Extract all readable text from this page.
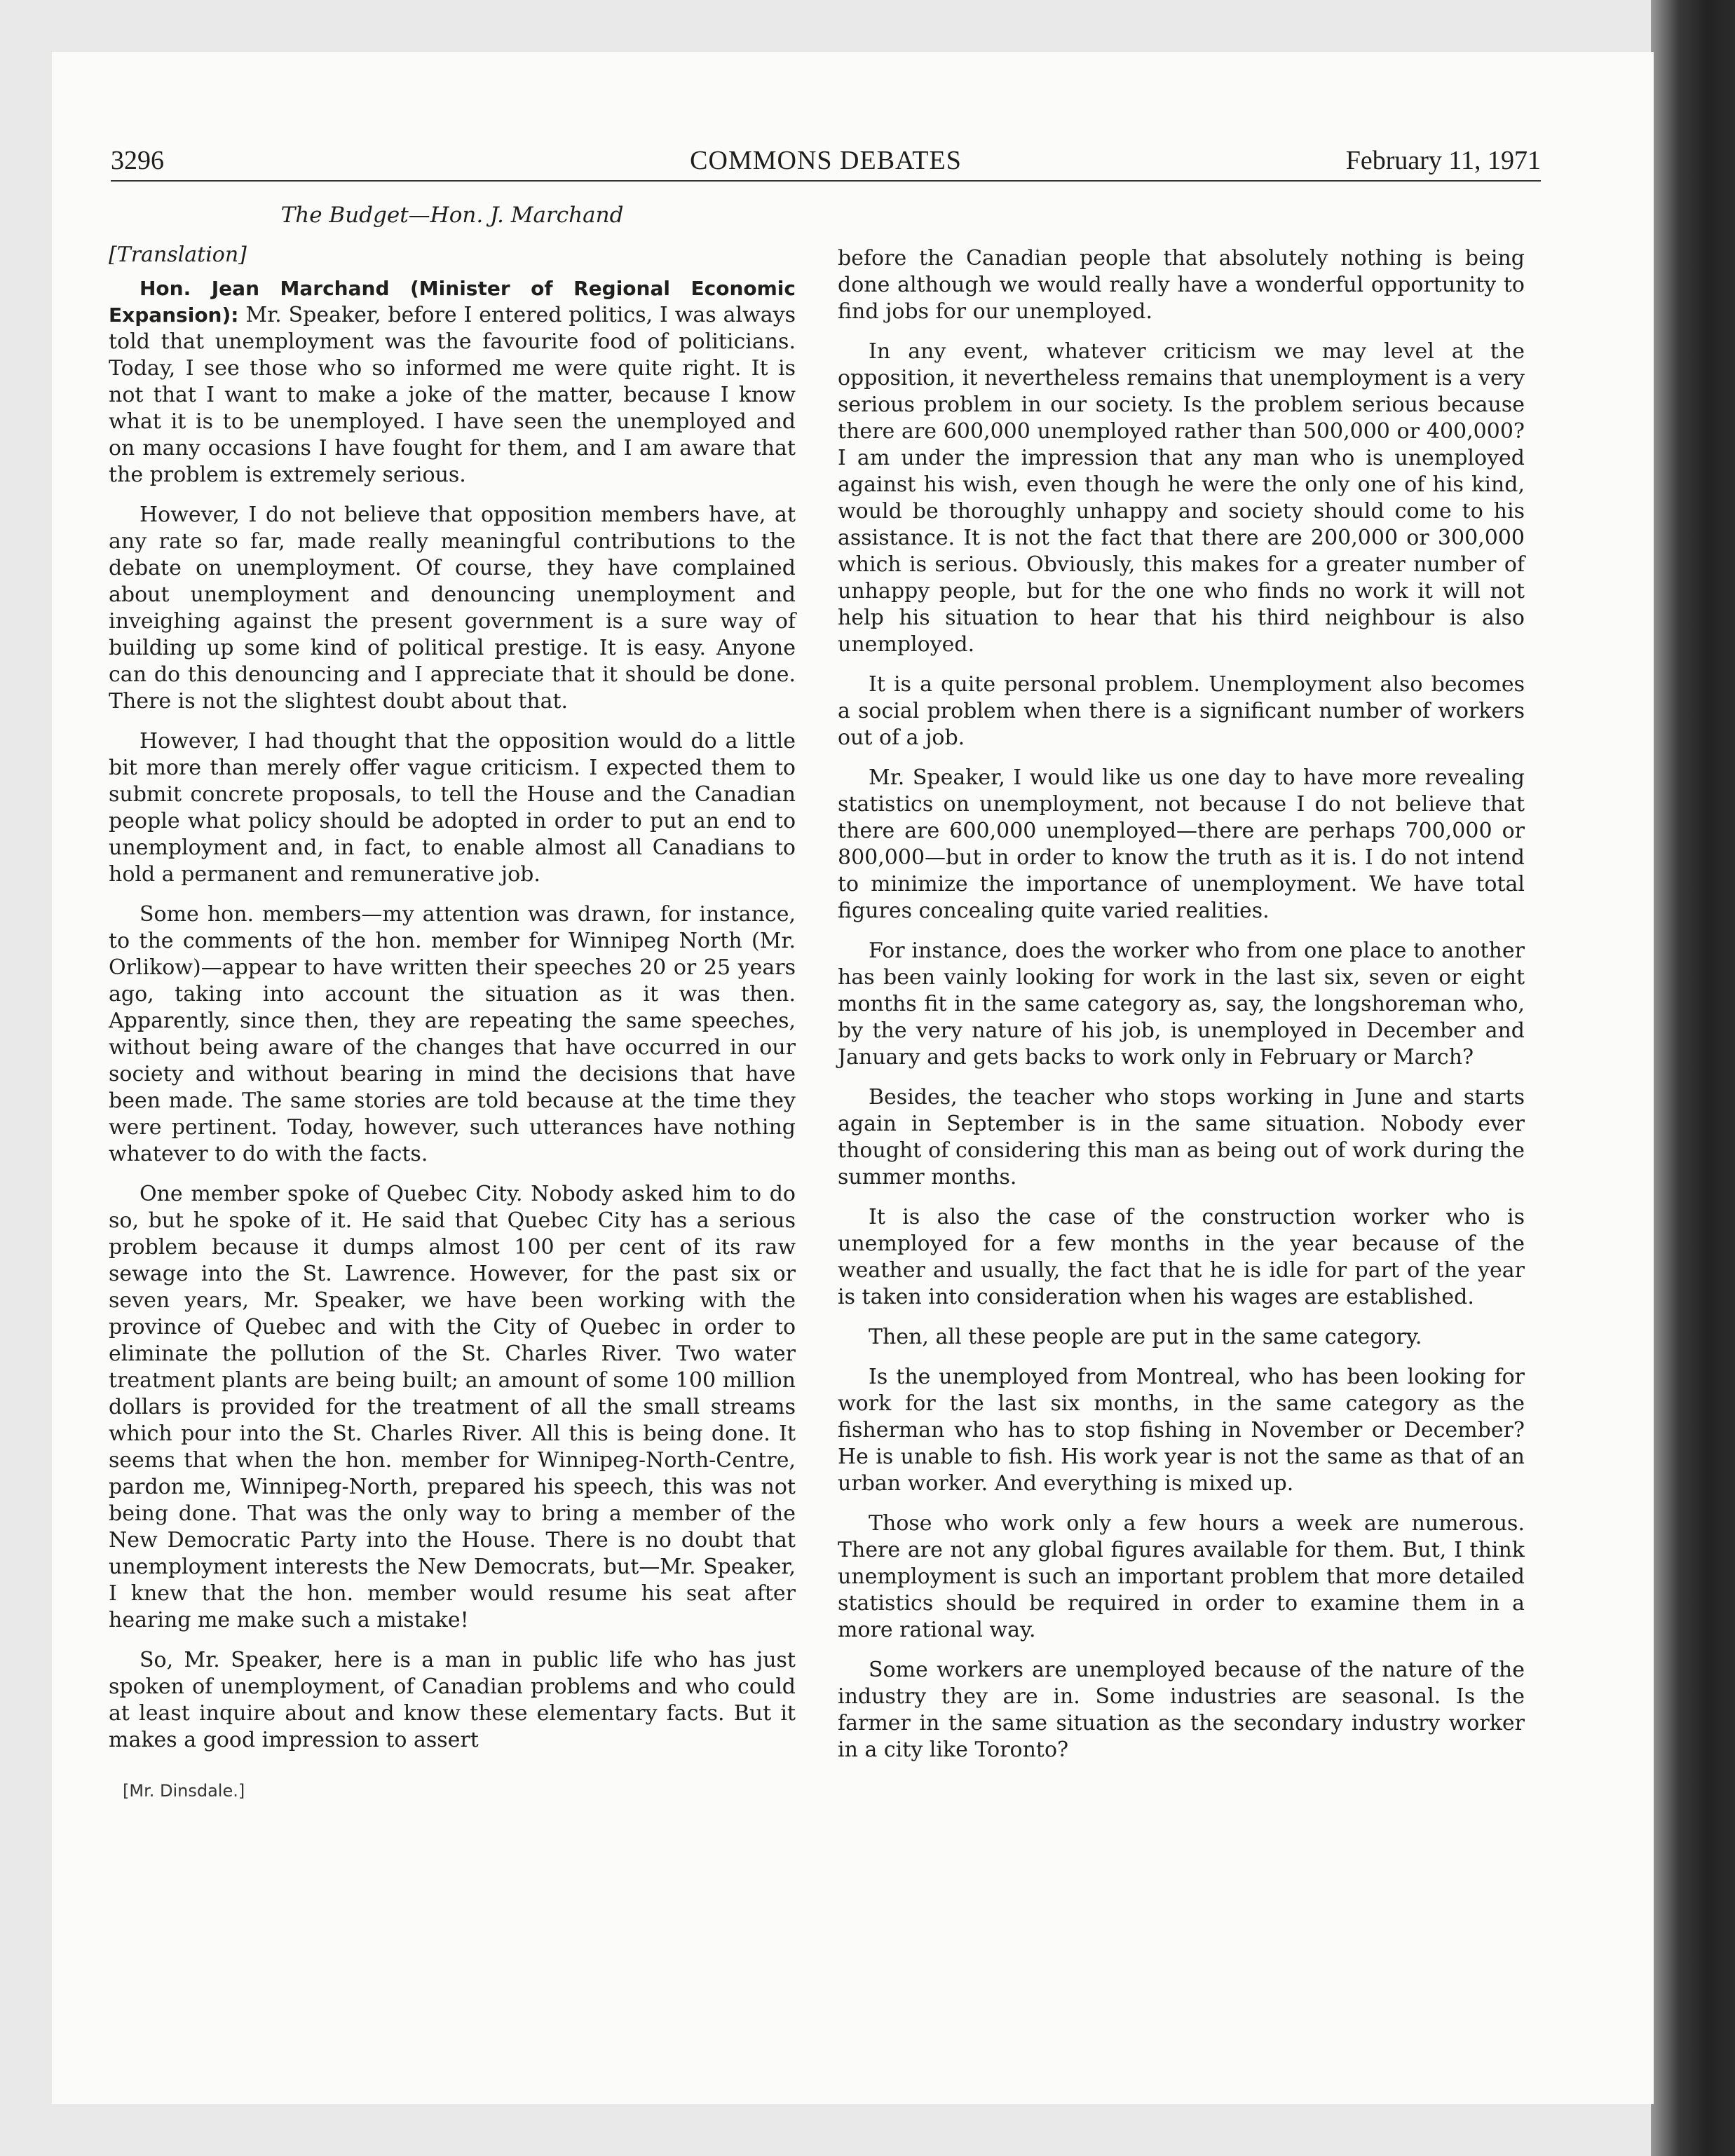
3296	COMMONS DEBATES	February 11, 1971

The Budget—Hon. J. Marchand

[Translation]

Hon. Jean Marchand (Minister of Regional Economic Expansion): Mr. Speaker, before I entered politics, I was always told that unemployment was the favourite food of politicians. Today, I see those who so informed me were quite right. It is not that I want to make a joke of the matter, because I know what it is to be unemployed. I have seen the unemployed and on many occasions I have fought for them, and I am aware that the problem is extremely serious.

However, I do not believe that opposition members have, at any rate so far, made really meaningful contributions to the debate on unemployment. Of course, they have complained about unemployment and denouncing unemployment and inveighing against the present government is a sure way of building up some kind of political prestige. It is easy. Anyone can do this denouncing and I appreciate that it should be done. There is not the slightest doubt about that.

However, I had thought that the opposition would do a little bit more than merely offer vague criticism. I expected them to submit concrete proposals, to tell the House and the Canadian people what policy should be adopted in order to put an end to unemployment and, in fact, to enable almost all Canadians to hold a permanent and remunerative job.

Some hon. members—my attention was drawn, for instance, to the comments of the hon. member for Winnipeg North (Mr. Orlikow)—appear to have written their speeches 20 or 25 years ago, taking into account the situation as it was then. Apparently, since then, they are repeating the same speeches, without being aware of the changes that have occurred in our society and without bearing in mind the decisions that have been made. The same stories are told because at the time they were pertinent. Today, however, such utterances have nothing whatever to do with the facts.

One member spoke of Quebec City. Nobody asked him to do so, but he spoke of it. He said that Quebec City has a serious problem because it dumps almost 100 per cent of its raw sewage into the St. Lawrence. However, for the past six or seven years, Mr. Speaker, we have been working with the province of Quebec and with the City of Quebec in order to eliminate the pollution of the St. Charles River. Two water treatment plants are being built; an amount of some 100 million dollars is provided for the treatment of all the small streams which pour into the St. Charles River. All this is being done. It seems that when the hon. member for Winnipeg-North-Centre, pardon me, Winnipeg-North, prepared his speech, this was not being done. That was the only way to bring a member of the New Democratic Party into the House. There is no doubt that unemployment interests the New Democrats, but—Mr. Speaker, I knew that the hon. member would resume his seat after hearing me make such a mistake!

So, Mr. Speaker, here is a man in public life who has just spoken of unemployment, of Canadian problems and who could at least inquire about and know these elementary facts. But it makes a good impression to assert

[Mr. Dinsdale.]

before the Canadian people that absolutely nothing is being done although we would really have a wonderful opportunity to find jobs for our unemployed.

In any event, whatever criticism we may level at the opposition, it nevertheless remains that unemployment is a very serious problem in our society. Is the problem serious because there are 600,000 unemployed rather than 500,000 or 400,000? I am under the impression that any man who is unemployed against his wish, even though he were the only one of his kind, would be thoroughly unhappy and society should come to his assistance. It is not the fact that there are 200,000 or 300,000 which is serious. Obviously, this makes for a greater number of unhappy people, but for the one who finds no work it will not help his situation to hear that his third neighbour is also unemployed.

It is a quite personal problem. Unemployment also becomes a social problem when there is a significant number of workers out of a job.

Mr. Speaker, I would like us one day to have more revealing statistics on unemployment, not because I do not believe that there are 600,000 unemployed—there are perhaps 700,000 or 800,000—but in order to know the truth as it is. I do not intend to minimize the importance of unemployment. We have total figures concealing quite varied realities.

For instance, does the worker who from one place to another has been vainly looking for work in the last six, seven or eight months fit in the same category as, say, the longshoreman who, by the very nature of his job, is unemployed in December and January and gets backs to work only in February or March?

Besides, the teacher who stops working in June and starts again in September is in the same situation. Nobody ever thought of considering this man as being out of work during the summer months.

It is also the case of the construction worker who is unemployed for a few months in the year because of the weather and usually, the fact that he is idle for part of the year is taken into consideration when his wages are established.

Then, all these people are put in the same category.

Is the unemployed from Montreal, who has been looking for work for the last six months, in the same category as the fisherman who has to stop fishing in November or December? He is unable to fish. His work year is not the same as that of an urban worker. And everything is mixed up.

Those who work only a few hours a week are numerous. There are not any global figures available for them. But, I think unemployment is such an important problem that more detailed statistics should be required in order to examine them in a more rational way.

Some workers are unemployed because of the nature of the industry they are in. Some industries are seasonal. Is the farmer in the same situation as the secondary industry worker in a city like Toronto?
